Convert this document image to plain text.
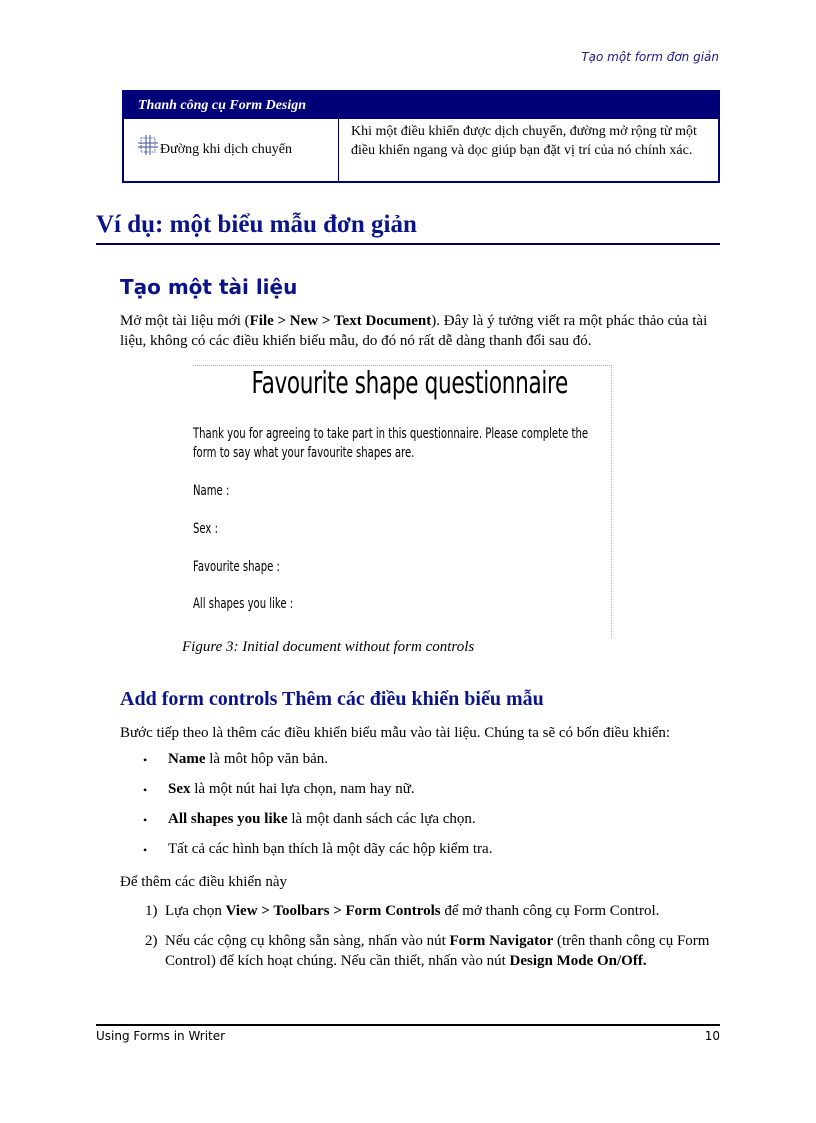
Tạo một form đơn giản
Thanh công cụ Form Design
Đường khi dịch chuyển
Khi một điều khiển được dịch chuyển, đường mở rộng từ một điều khiển ngang và dọc giúp bạn đặt vị trí của nó chính xác.
Ví dụ: một biểu mẫu đơn giản
Tạo một tài liệu
Mở một tài liệu mới (File > New > Text Document). Đây là ý tưởng viết ra một phác thảo của tài liệu, không có các điều khiển biểu mẫu, do đó nó rất dễ dàng thanh đổi sau đó.
Favourite shape questionnaire
Thank you for agreeing to take part in this questionnaire. Please complete the
form to say what your favourite shapes are.
Name :
Sex :
Favourite shape :
All shapes you like :
Figure 3: Initial document without form controls
Add form controls Thêm các điều khiển biểu mẫu
Bước tiếp theo là thêm các điều khiển biểu mẫu vào tài liệu. Chúng ta sẽ có bốn điều khiển:
• Name là môt hôp văn bản.
• Sex là một nút hai lựa chọn, nam hay nữ.
• All shapes you like là một danh sách các lựa chọn.
• Tất cả các hình bạn thích là một dãy các hộp kiểm tra.
Để thêm các điều khiển này
1) Lựa chọn View > Toolbars > Form Controls để mở thanh công cụ Form Control.
2) Nếu các cộng cụ không sẵn sàng, nhấn vào nút Form Navigator (trên thanh công cụ Form Control) để kích hoạt chúng. Nếu cần thiết, nhấn vào nút Design Mode On/Off.
Using Forms in Writer	10
